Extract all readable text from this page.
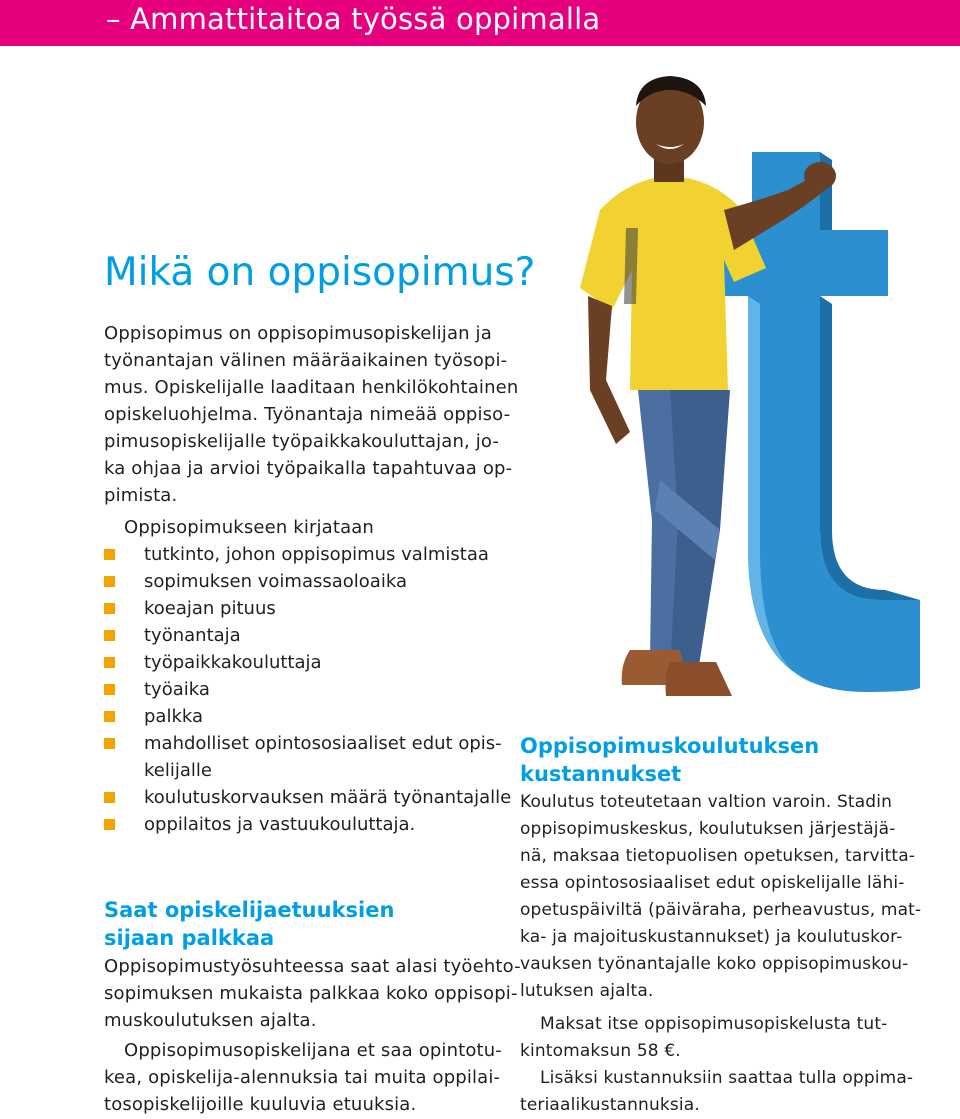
– Ammattitaitoa työssä oppimalla
Mikä on oppisopimus?
Oppisopimus on oppisopimusopiskelijan ja
työnantajan välinen määräaikainen työsopi-
mus. Opiskelijalle laaditaan henkilökohtainen
opiskeluohjelma. Työnantaja nimeää oppiso-
pimusopiskelijalle työpaikkakouluttajan, jo-
ka ohjaa ja arvioi työpaikalla tapahtuvaa op-
pimista.
Oppisopimukseen kirjataan
tutkinto, johon oppisopimus valmistaa
sopimuksen voimassaoloaika
koeajan pituus
työnantaja
työpaikkakouluttaja
työaika
palkka
mahdolliset opintososiaaliset edut opis-
kelijalle
koulutuskorvauksen määrä työnantajalle
oppilaitos ja vastuukouluttaja.
Saat opiskelijaetuuksien
sijaan palkkaa
Oppisopimustyösuhteessa saat alasi työehto-
sopimuksen mukaista palkkaa koko oppisopi-
muskoulutuksen ajalta.
Oppisopimusopiskelijana et saa opintotu-
kea, opiskelija-alennuksia tai muita oppilai-
tosopiskelijoille kuuluvia etuuksia.
Oppisopimuskoulutuksen
kustannukset
Koulutus toteutetaan valtion varoin. Stadin
oppisopimuskeskus, koulutuksen järjestäjä-
nä, maksaa tietopuolisen opetuksen, tarvitta-
essa opintososiaaliset edut opiskelijalle lähi-
opetuspäiviltä (päiväraha, perheavustus, mat-
ka- ja majoituskustannukset) ja koulutuskor-
vauksen työnantajalle koko oppisopimuskou-
lutuksen ajalta.
Maksat itse oppisopimusopiskelusta tut-
kintomaksun 58 €.
Lisäksi kustannuksiin saattaa tulla oppima-
teriaalikustannuksia.
